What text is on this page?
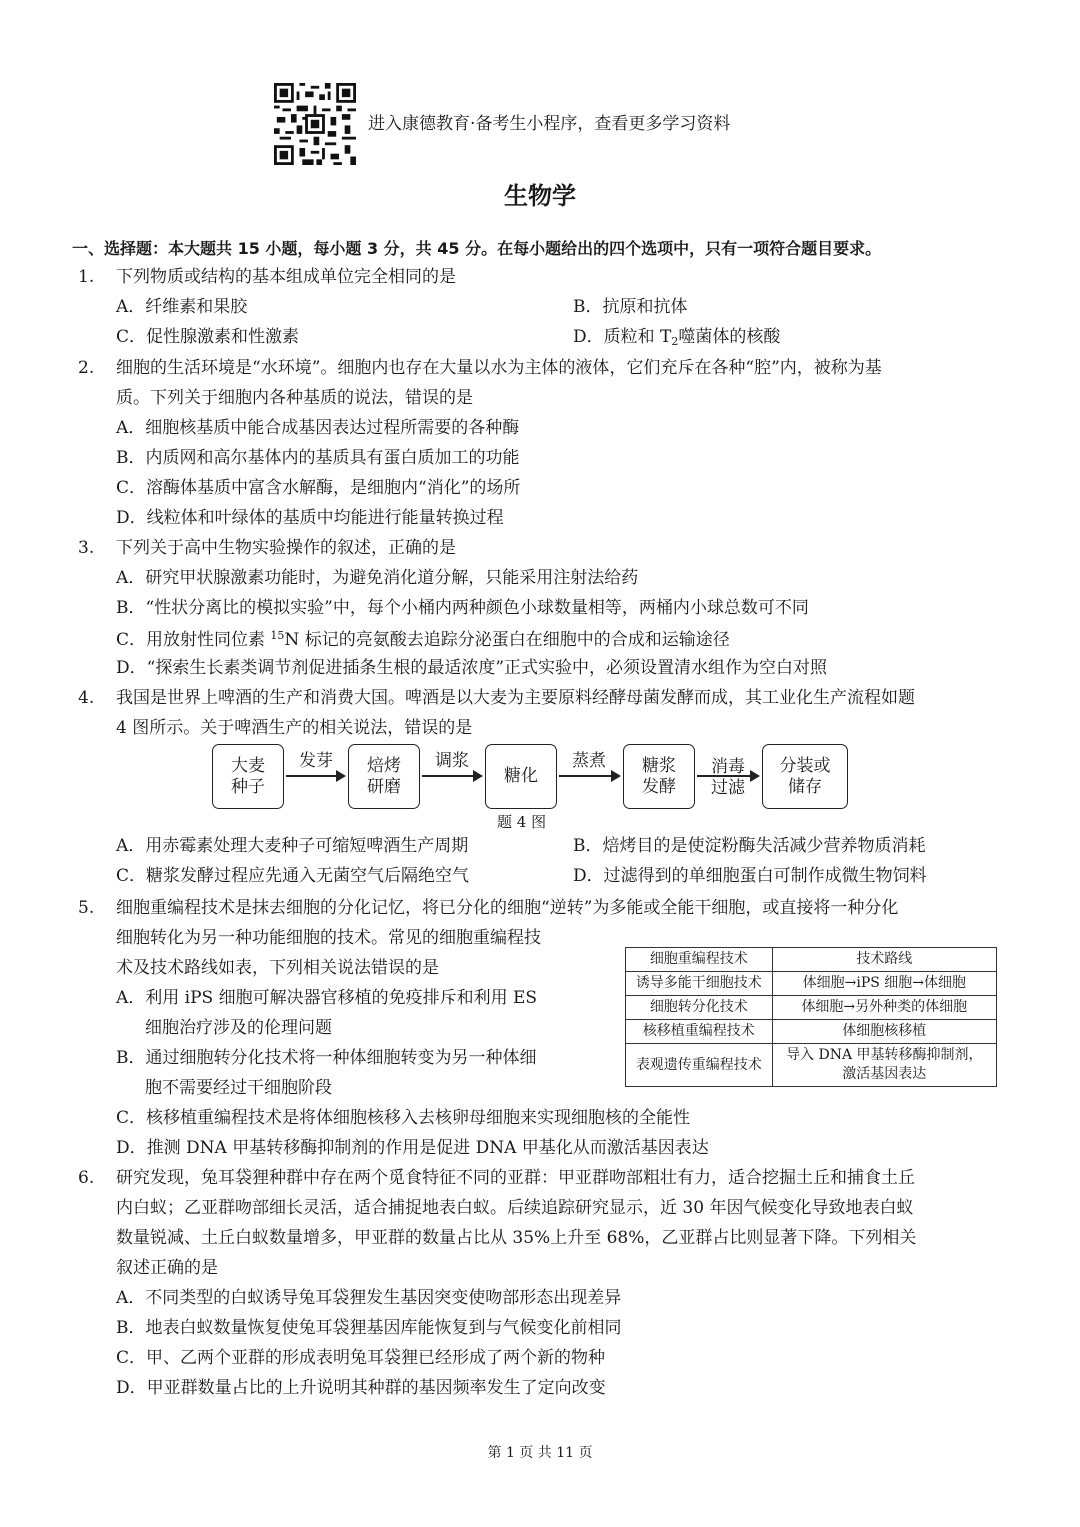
进入康德教育·备考生小程序，查看更多学习资料
生物学
一、选择题：本大题共 15 小题，每小题 3 分，共 45 分。在每小题给出的四个选项中，只有一项符合题目要求。
1.	下列物质或结构的基本组成单位完全相同的是
A．纤维素和果胶	B．抗原和抗体
C．促性腺激素和性激素	D．质粒和 $T_2$噬菌体的核酸
2.	细胞的生活环境是“水环境”。细胞内也存在大量以水为主体的液体，它们充斥在各种“腔”内，被称为基
质。下列关于细胞内各种基质的说法，错误的是
A．细胞核基质中能合成基因表达过程所需要的各种酶
B．内质网和高尔基体内的基质具有蛋白质加工的功能
C．溶酶体基质中富含水解酶，是细胞内“消化”的场所
D．线粒体和叶绿体的基质中均能进行能量转换过程
3.	下列关于高中生物实验操作的叙述，正确的是
A．研究甲状腺激素功能时，为避免消化道分解，只能采用注射法给药
B．“性状分离比的模拟实验”中，每个小桶内两种颜色小球数量相等，两桶内小球总数可不同
C．用放射性同位素 $^{15}$N 标记的亮氨酸去追踪分泌蛋白在细胞中的合成和运输途径
D．“探索生长素类调节剂促进插条生根的最适浓度”正式实验中，必须设置清水组作为空白对照
4.	我国是世界上啤酒的生产和消费大国。啤酒是以大麦为主要原料经酵母菌发酵而成，其工业化生产流程如题
4 图所示。关于啤酒生产的相关说法，错误的是
大麦
种子
焙烤
研磨
糖化
糖浆
发酵
分装或
储存
发芽	调浆	蒸煮	消毒
过滤
题 4 图
A．用赤霉素处理大麦种子可缩短啤酒生产周期	B．焙烤目的是使淀粉酶失活减少营养物质消耗
C．糖浆发酵过程应先通入无菌空气后隔绝空气	D．过滤得到的单细胞蛋白可制作成微生物饲料
5.	细胞重编程技术是抹去细胞的分化记忆，将已分化的细胞“逆转”为多能或全能干细胞，或直接将一种分化
细胞转化为另一种功能细胞的技术。常见的细胞重编程技
术及技术路线如表，下列相关说法错误的是
A．利用 iPS 细胞可解决器官移植的免疫排斥和利用 ES
细胞治疗涉及的伦理问题
B．通过细胞转分化技术将一种体细胞转变为另一种体细
胞不需要经过干细胞阶段
C．核移植重编程技术是将体细胞核移入去核卵母细胞来实现细胞核的全能性
D．推测 DNA 甲基转移酶抑制剂的作用是促进 DNA 甲基化从而激活基因表达
细胞重编程技术	技术路线
诱导多能干细胞技术	体细胞→iPS 细胞→体细胞
细胞转分化技术	体细胞→另外种类的体细胞
核移植重编程技术	体细胞核移植
表观遗传重编程技术	导入 DNA 甲基转移酶抑制剂，
激活基因表达
6.	研究发现，兔耳袋狸种群中存在两个觅食特征不同的亚群：甲亚群吻部粗壮有力，适合挖掘土丘和捕食土丘
内白蚁；乙亚群吻部细长灵活，适合捕捉地表白蚁。后续追踪研究显示，近 30 年因气候变化导致地表白蚁
数量锐减、土丘白蚁数量增多，甲亚群的数量占比从 35%上升至 68%，乙亚群占比则显著下降。下列相关
叙述正确的是
A．不同类型的白蚁诱导兔耳袋狸发生基因突变使吻部形态出现差异
B．地表白蚁数量恢复使兔耳袋狸基因库能恢复到与气候变化前相同
C．甲、乙两个亚群的形成表明兔耳袋狸已经形成了两个新的物种
D．甲亚群数量占比的上升说明其种群的基因频率发生了定向改变
第 1 页 共 11 页
